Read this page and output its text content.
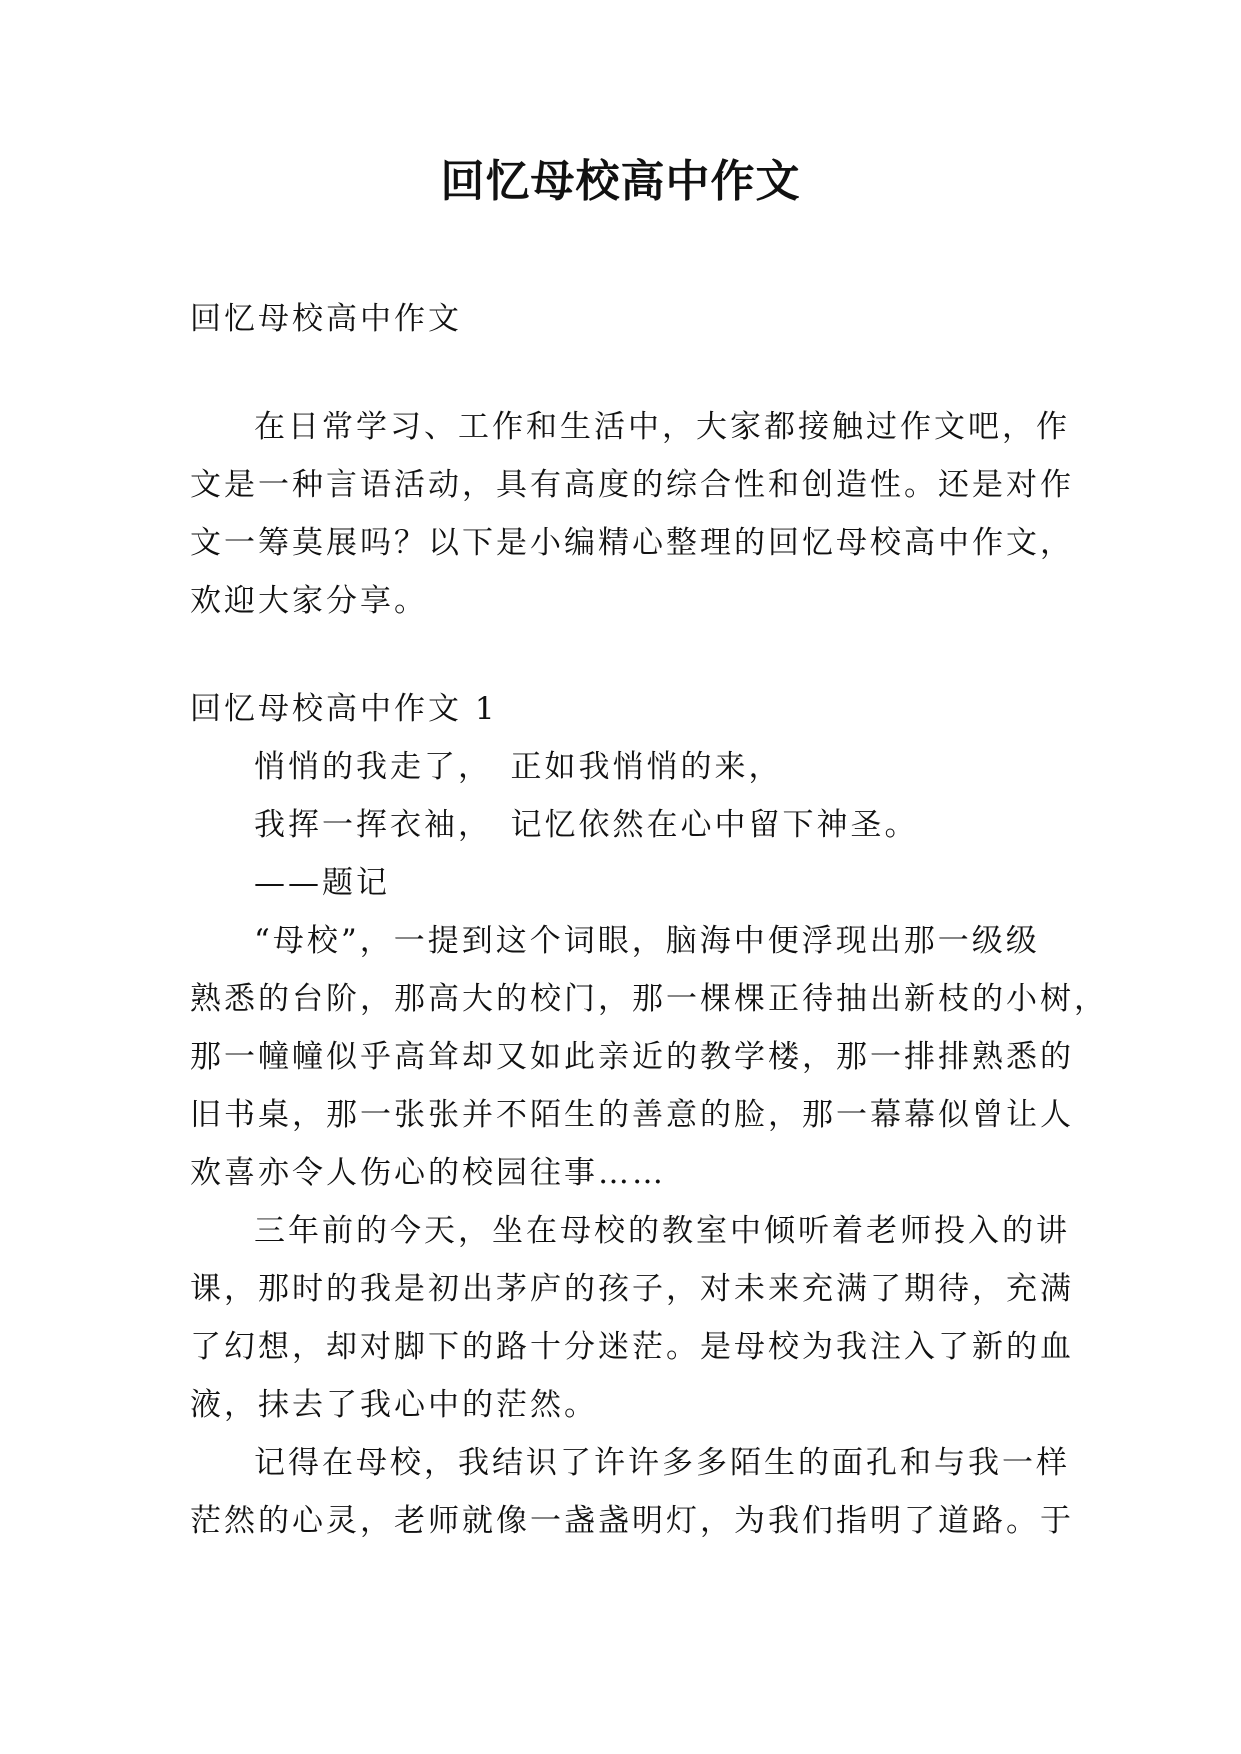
回忆母校高中作文
回忆母校高中作文
在日常学习、工作和生活中，大家都接触过作文吧，作
文是一种言语活动，具有高度的综合性和创造性。还是对作
文一筹莫展吗？以下是小编精心整理的回忆母校高中作文，
欢迎大家分享。
回忆母校高中作文 1
悄悄的我走了，　正如我悄悄的来，
我挥一挥衣袖，　记忆依然在心中留下神圣。
——题记
“母校”，一提到这个词眼，脑海中便浮现出那一级级
熟悉的台阶，那高大的校门，那一棵棵正待抽出新枝的小树，
那一幢幢似乎高耸却又如此亲近的教学楼，那一排排熟悉的
旧书桌，那一张张并不陌生的善意的脸，那一幕幕似曾让人
欢喜亦令人伤心的校园往事……
三年前的今天，坐在母校的教室中倾听着老师投入的讲
课，那时的我是初出茅庐的孩子，对未来充满了期待，充满
了幻想，却对脚下的路十分迷茫。是母校为我注入了新的血
液，抹去了我心中的茫然。
记得在母校，我结识了许许多多陌生的面孔和与我一样
茫然的心灵，老师就像一盏盏明灯，为我们指明了道路。于
